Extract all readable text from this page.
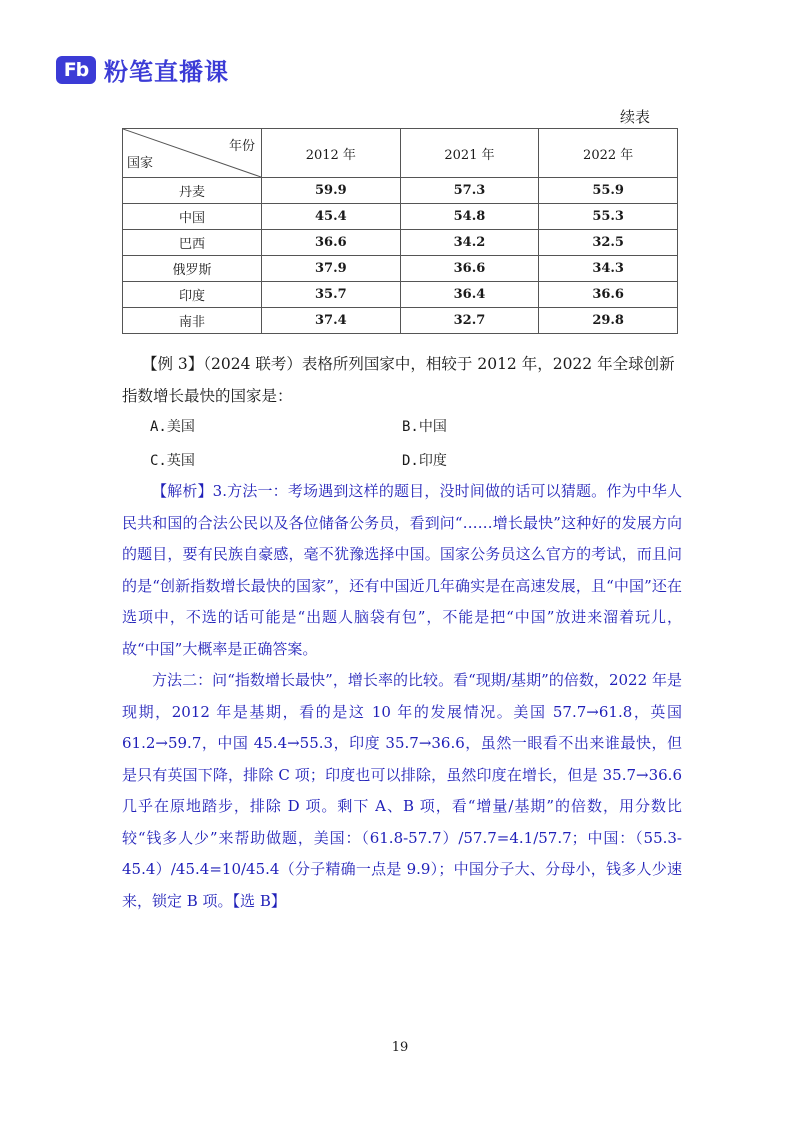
Fb 粉笔直播课
续表
年份
国家	2012 年	2021 年	2022 年
丹麦	59.9	57.3	55.9
中国	45.4	54.8	55.3
巴西	36.6	34.2	32.5
俄罗斯	37.9	36.6	34.3
印度	35.7	36.4	36.6
南非	37.4	32.7	29.8
【例 3】（2024 联考）表格所列国家中，相较于 2012 年，2022 年全球创新
指数增长最快的国家是：
A.美国	B.中国
C.英国	D.印度

【解析】3.方法一：考场遇到这样的题目，没时间做的话可以猜题。作为中华人民共和国的合法公民以及各位储备公务员，看到问“……增长最快”这种好的发展方向的题目，要有民族自豪感，毫不犹豫选择中国。国家公务员这么官方的考试，而且问的是“创新指数增长最快的国家”，还有中国近几年确实是在高速发展，且“中国”还在选项中，不选的话可能是“出题人脑袋有包”，不能是把“中国”放进来溜着玩儿，故“中国”大概率是正确答案。

方法二：问“指数增长最快”，增长率的比较。看“现期/基期”的倍数，2022 年是现期，2012 年是基期，看的是这 10 年的发展情况。美国 57.7→61.8，英国 61.2→59.7，中国 45.4→55.3，印度 35.7→36.6，虽然一眼看不出来谁最快，但是只有英国下降，排除 C 项；印度也可以排除，虽然印度在增长，但是 35.7→36.6 几乎在原地踏步，排除 D 项。剩下 A、B 项，看“增量/基期”的倍数，用分数比较“钱多人少”来帮助做题，美国：（61.8-57.7）/57.7=4.1/57.7；中国：（55.3-45.4）/45.4=10/45.4（分子精确一点是 9.9）；中国分子大、分母小，钱多人少速来，锁定 B 项。【选 B】

19
